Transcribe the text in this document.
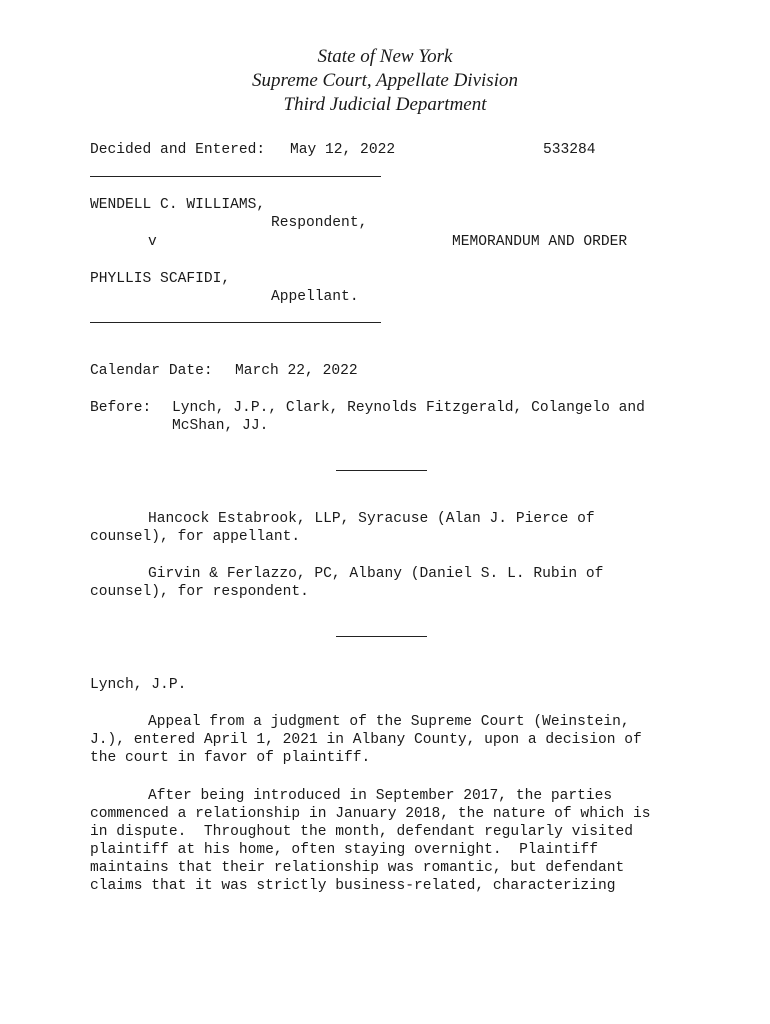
State of New York
Supreme Court, Appellate Division
Third Judicial Department
Decided and Entered: May 12, 2022	533284
WENDELL C. WILLIAMS,
Respondent,
v	MEMORANDUM AND ORDER
PHYLLIS SCAFIDI,
Appellant.
Calendar Date: March 22, 2022
Before: Lynch, J.P., Clark, Reynolds Fitzgerald, Colangelo and
McShan, JJ.
Hancock Estabrook, LLP, Syracuse (Alan J. Pierce of
counsel), for appellant.
Girvin & Ferlazzo, PC, Albany (Daniel S. L. Rubin of
counsel), for respondent.
Lynch, J.P.
Appeal from a judgment of the Supreme Court (Weinstein,
J.), entered April 1, 2021 in Albany County, upon a decision of
the court in favor of plaintiff.
After being introduced in September 2017, the parties
commenced a relationship in January 2018, the nature of which is
in dispute.  Throughout the month, defendant regularly visited
plaintiff at his home, often staying overnight.  Plaintiff
maintains that their relationship was romantic, but defendant
claims that it was strictly business-related, characterizing
